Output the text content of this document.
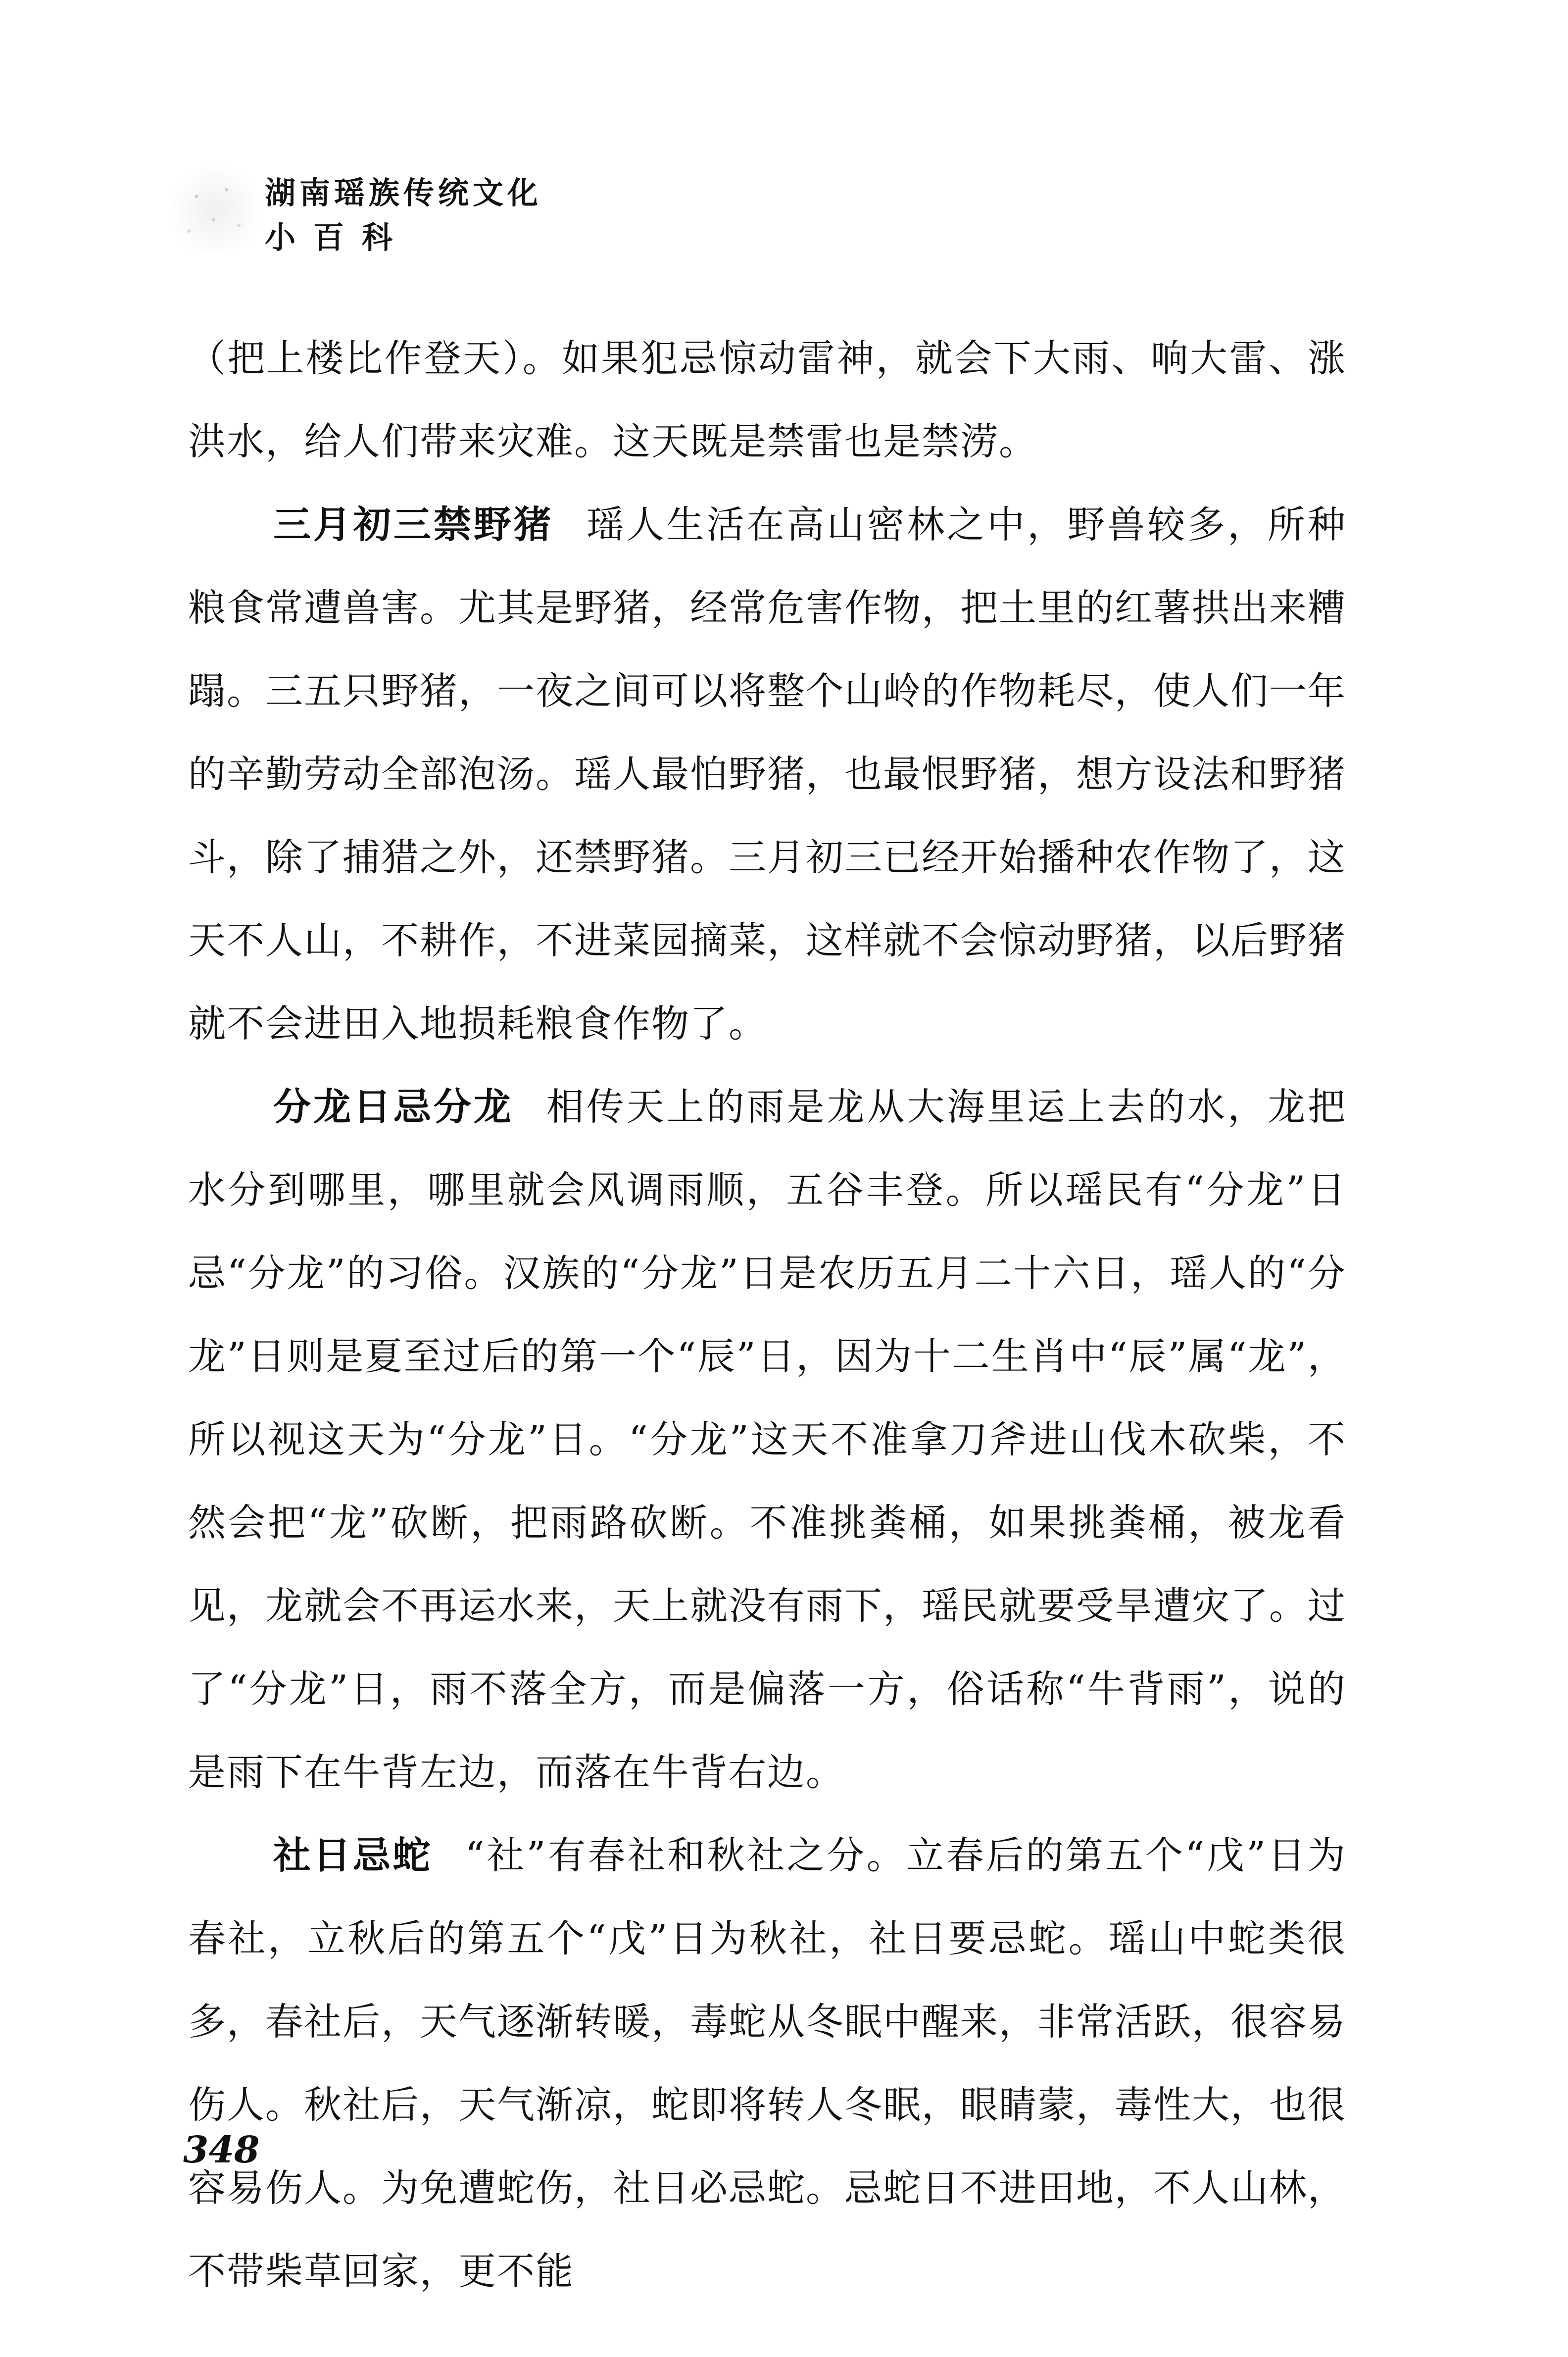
湖南瑶族传统文化
小百科

（把上楼比作登天）。如果犯忌惊动雷神，就会下大雨、响大雷、涨洪水，给人们带来灾难。这天既是禁雷也是禁涝。

三月初三禁野猪 瑶人生活在高山密林之中，野兽较多，所种粮食常遭兽害。尤其是野猪，经常危害作物，把土里的红薯拱出来糟蹋。三五只野猪，一夜之间可以将整个山岭的作物耗尽，使人们一年的辛勤劳动全部泡汤。瑶人最怕野猪，也最恨野猪，想方设法和野猪斗，除了捕猎之外，还禁野猪。三月初三已经开始播种农作物了，这天不人山，不耕作，不进菜园摘菜，这样就不会惊动野猪，以后野猪就不会进田入地损耗粮食作物了。

分龙日忌分龙 相传天上的雨是龙从大海里运上去的水，龙把水分到哪里，哪里就会风调雨顺，五谷丰登。所以瑶民有“分龙”日忌“分龙”的习俗。汉族的“分龙”日是农历五月二十六日，瑶人的“分龙”日则是夏至过后的第一个“辰”日，因为十二生肖中“辰”属“龙”，所以视这天为“分龙”日。“分龙”这天不准拿刀斧进山伐木砍柴，不然会把“龙”砍断，把雨路砍断。不准挑粪桶，如果挑粪桶，被龙看见，龙就会不再运水来，天上就没有雨下，瑶民就要受旱遭灾了。过了“分龙”日，雨不落全方，而是偏落一方，俗话称“牛背雨”，说的是雨下在牛背左边，而落在牛背右边。

社日忌蛇 “社”有春社和秋社之分。立春后的第五个“戊”日为春社，立秋后的第五个“戊”日为秋社，社日要忌蛇。瑶山中蛇类很多，春社后，天气逐渐转暖，毒蛇从冬眠中醒来，非常活跃，很容易伤人。秋社后，天气渐凉，蛇即将转人冬眠，眼睛蒙，毒性大，也很容易伤人。为免遭蛇伤，社日必忌蛇。忌蛇日不进田地，不人山林，不带柴草回家，更不能

348
